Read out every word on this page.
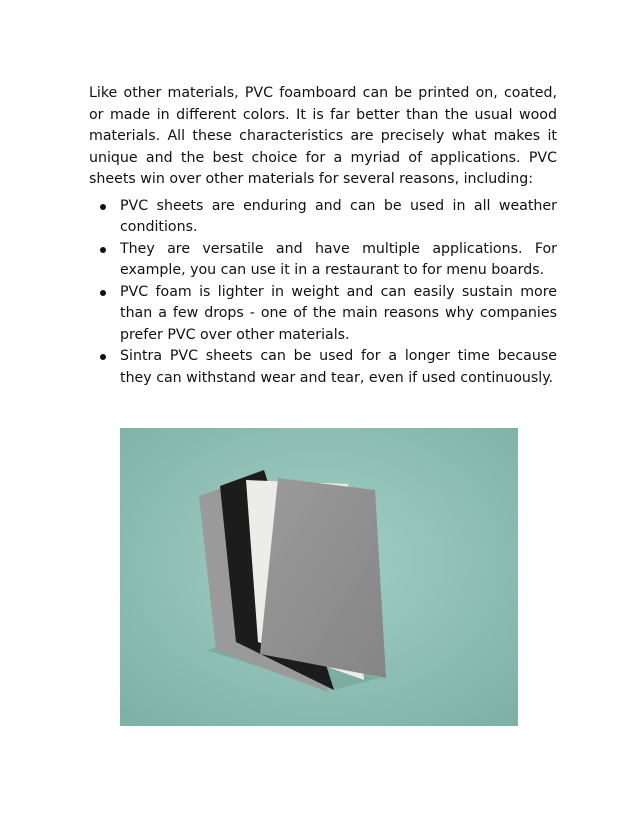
Like other materials, PVC foamboard can be printed on, coated, or made in different colors. It is far better than the usual wood materials. All these characteristics are precisely what makes it unique and the best choice for a myriad of applications. PVC sheets win over other materials for several reasons, including:

PVC sheets are enduring and can be used in all weather conditions.
They are versatile and have multiple applications. For example, you can use it in a restaurant to for menu boards.
PVC foam is lighter in weight and can easily sustain more than a few drops - one of the main reasons why companies prefer PVC over other materials.
Sintra PVC sheets can be used for a longer time because they can withstand wear and tear, even if used continuously.
